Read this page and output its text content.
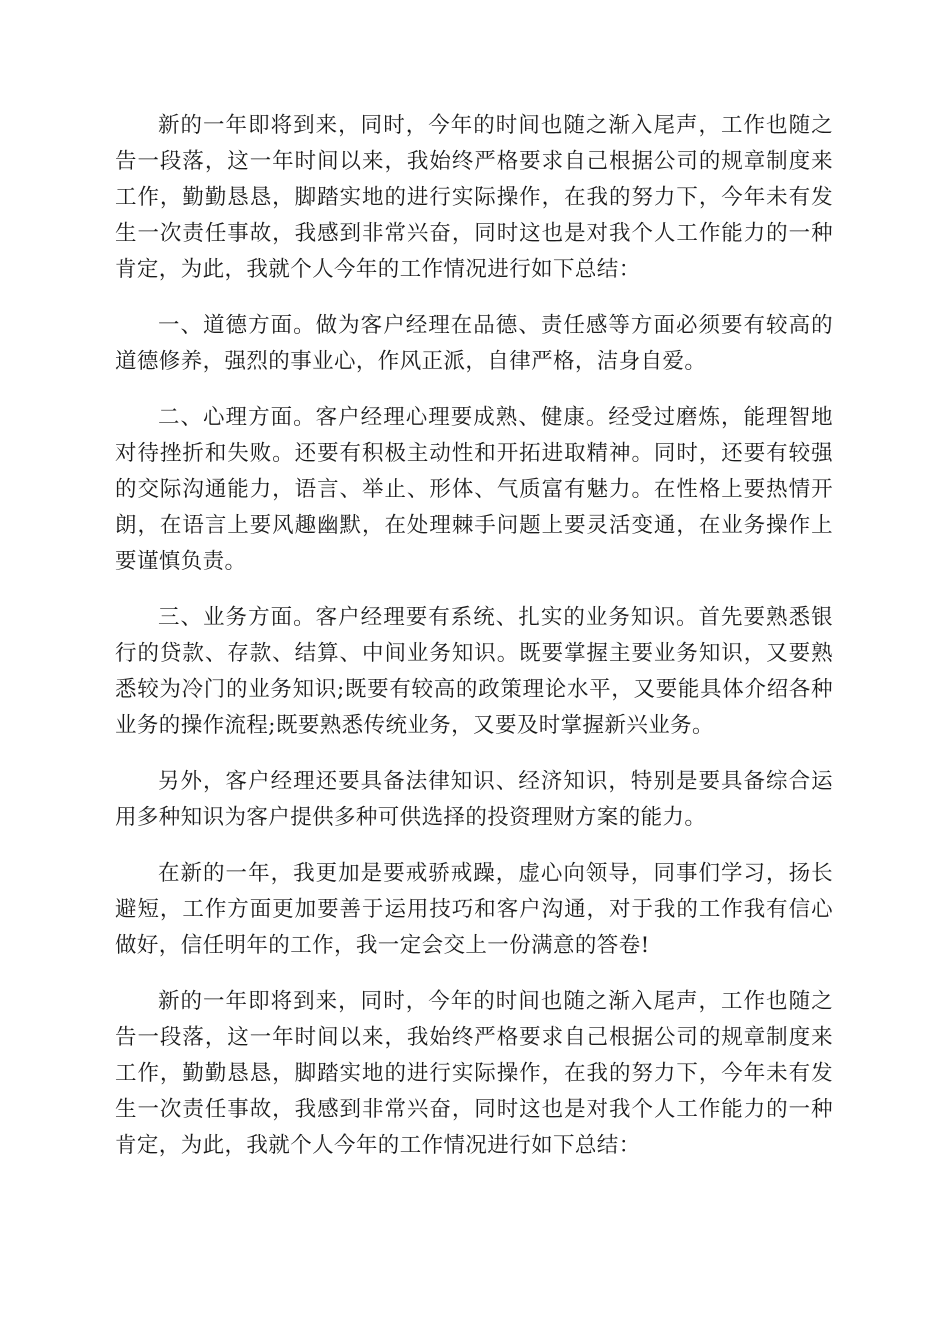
新的一年即将到来，同时，今年的时间也随之渐入尾声，工作也随之告一段落，这一年时间以来，我始终严格要求自己根据公司的规章制度来工作，勤勤恳恳，脚踏实地的进行实际操作，在我的努力下，今年未有发生一次责任事故，我感到非常兴奋，同时这也是对我个人工作能力的一种肯定，为此，我就个人今年的工作情况进行如下总结：

一、道德方面。做为客户经理在品德、责任感等方面必须要有较高的道德修养，强烈的事业心，作风正派，自律严格，洁身自爱。

二、心理方面。客户经理心理要成熟、健康。经受过磨炼，能理智地对待挫折和失败。还要有积极主动性和开拓进取精神。同时，还要有较强的交际沟通能力，语言、举止、形体、气质富有魅力。在性格上要热情开朗，在语言上要风趣幽默，在处理棘手问题上要灵活变通，在业务操作上要谨慎负责。

三、业务方面。客户经理要有系统、扎实的业务知识。首先要熟悉银行的贷款、存款、结算、中间业务知识。既要掌握主要业务知识，又要熟悉较为冷门的业务知识;既要有较高的政策理论水平，又要能具体介绍各种业务的操作流程;既要熟悉传统业务，又要及时掌握新兴业务。

另外，客户经理还要具备法律知识、经济知识，特别是要具备综合运用多种知识为客户提供多种可供选择的投资理财方案的能力。

在新的一年，我更加是要戒骄戒躁，虚心向领导，同事们学习，扬长避短，工作方面更加要善于运用技巧和客户沟通，对于我的工作我有信心做好，信任明年的工作，我一定会交上一份满意的答卷!

新的一年即将到来，同时，今年的时间也随之渐入尾声，工作也随之告一段落，这一年时间以来，我始终严格要求自己根据公司的规章制度来工作，勤勤恳恳，脚踏实地的进行实际操作，在我的努力下，今年未有发生一次责任事故，我感到非常兴奋，同时这也是对我个人工作能力的一种肯定，为此，我就个人今年的工作情况进行如下总结：
